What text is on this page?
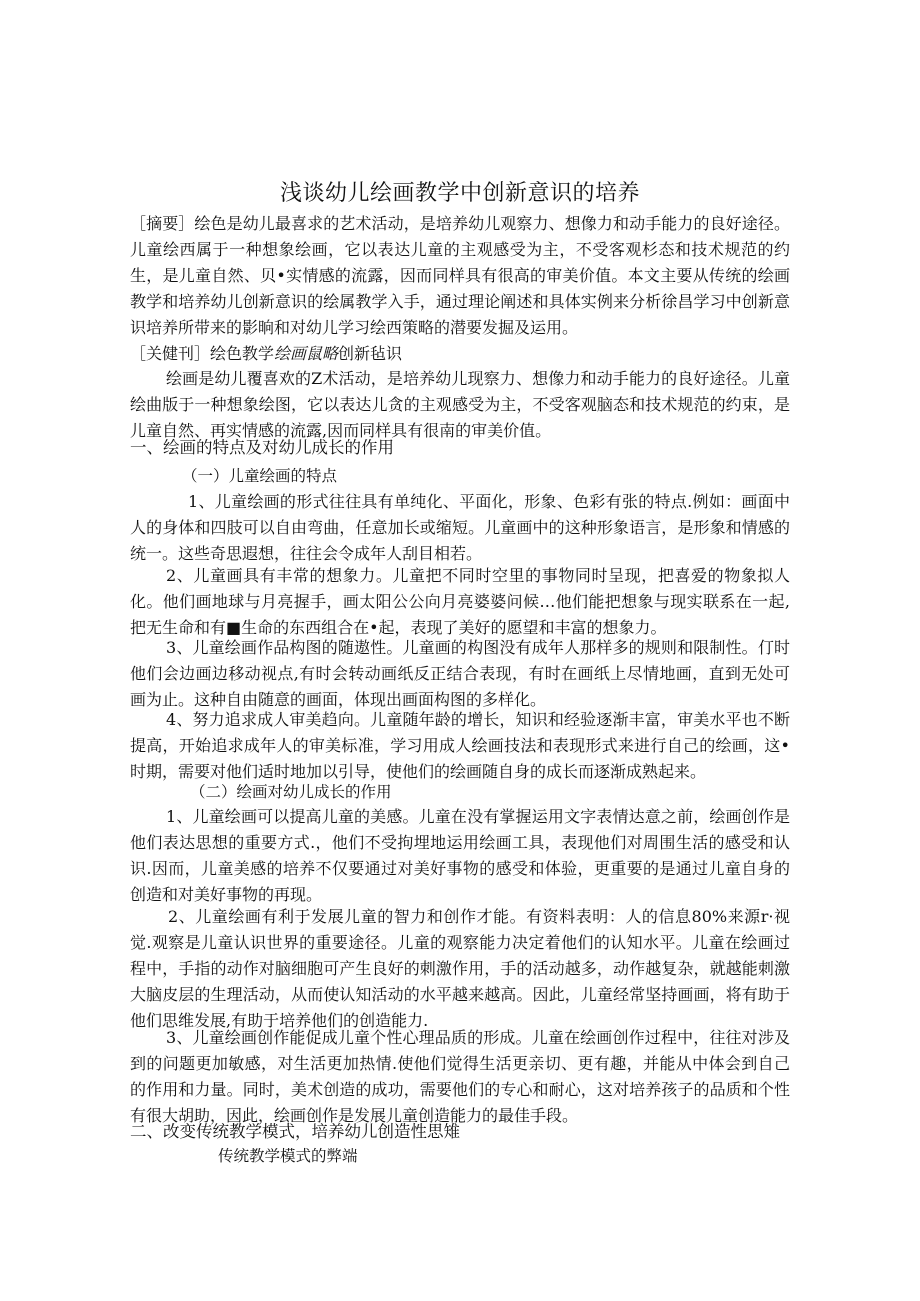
浅谈幼儿绘画教学中创新意识的培养

［摘要］绘色是幼儿最喜求的艺术活动，是培养幼儿观察力、想像力和动手能力的良好途径。儿童绘西属于一种想象绘画，它以表达儿童的主观感受为主，不受客观杉态和技术规范的约生，是儿童自然、贝•实情感的流露，因而同样具有很高的审美价值。本文主要从传统的绘画教学和培养幼儿创新意识的绘属教学入手，通过理论阐述和具体实例来分析徐昌学习中创新意识培养所带来的影晌和对幼儿学习绘西策略的潜要发掘及运用。

［关健刊］绘色教学绘画鼠略创新毡识

绘画是幼儿覆喜欢的Z术活动，是培养幼儿现察力、想像力和动手能力的良好途径。儿童绘曲版于一种想象绘图，它以表达儿贪的主观感受为主，不受客观脑态和技术规范的约束，是儿童自然、再实情感的流露,因而同样具有很南的审美价值。

一、绘画的特点及对幼儿成长的作用
（一）儿童绘画的特点

1、儿童绘画的形式往往具有单纯化、平面化，形象、色彩有张的特点.例如：画面中人的身体和四肢可以自由弯曲，任意加长或缩短。儿童画中的这种形象语言，是形象和情感的统一。这些奇思遐想，往往会令成年人刮目相若。

2、儿童画具有丰常的想象力。儿童把不同时空里的事物同时呈现，把喜爱的物象拟人化。他们画地球与月亮握手，画太阳公公向月亮婆婆问候…他们能把想象与现实联系在一起,把无生命和有■生命的东西组合在•起，表现了美好的愿望和丰富的想象力。

3、儿童绘画作品构图的随遨性。儿童画的构图没有成年人那样多的规则和限制性。仃时他们会边画边移动视点,有时会转动画纸反正结合表现，有时在画纸上尽情地画，直到无处可画为止。这种自由随意的画面，体现出画面构图的多样化。

4、努力追求成人审美趋向。儿童随年龄的增长，知识和经验逐渐丰富，审美水平也不断提高，开始追求成年人的审美标准，学习用成人绘画技法和表现形式来进行自己的绘画，这•时期，需要对他们适时地加以引导，使他们的绘画随自身的成长而逐渐成熟起来。

（二）绘画对幼儿成长的作用

1、儿童绘画可以提高儿童的美感。儿童在没有掌握运用文字表情达意之前，绘画创作是他们表达思想的重要方式.，他们不受拘埋地运用绘画工具，表现他们对周围生活的感受和认识.因而，儿童美感的培养不仅要通过对美好事物的感受和体验，更重要的是通过儿童自身的创造和对美好事物的再现。

2、儿童绘画有利于发展儿童的智力和创作才能。有资料表明：人的信息80%来源r·视觉.观察是儿童认识世界的重要途径。儿童的观察能力决定着他们的认知水平。儿童在绘画过程中，手指的动作对脑细胞可产生良好的刺激作用，手的活动越多，动作越复杂，就越能刺激大脑皮层的生理活动，从而使认知活动的水平越来越高。因此，儿童经常坚持画画，将有助于他们思维发展,有助于培养他们的创造能力.

3、儿童绘画创作能促成儿童个性心理品质的形成。儿童在绘画创作过程中，往往对涉及到的问题更加敏感，对生活更加热情.使他们觉得生活更亲切、更有趣，并能从中体会到自己的作用和力量。同时，美术创造的成功，需要他们的专心和耐心，这对培养孩子的品质和个性有很大胡助，因此，绘画创作是发展儿童创造能力的最佳手段。

二、改变传统教学模式，培养幼儿创造性思雉
传统教学模式的弊端
